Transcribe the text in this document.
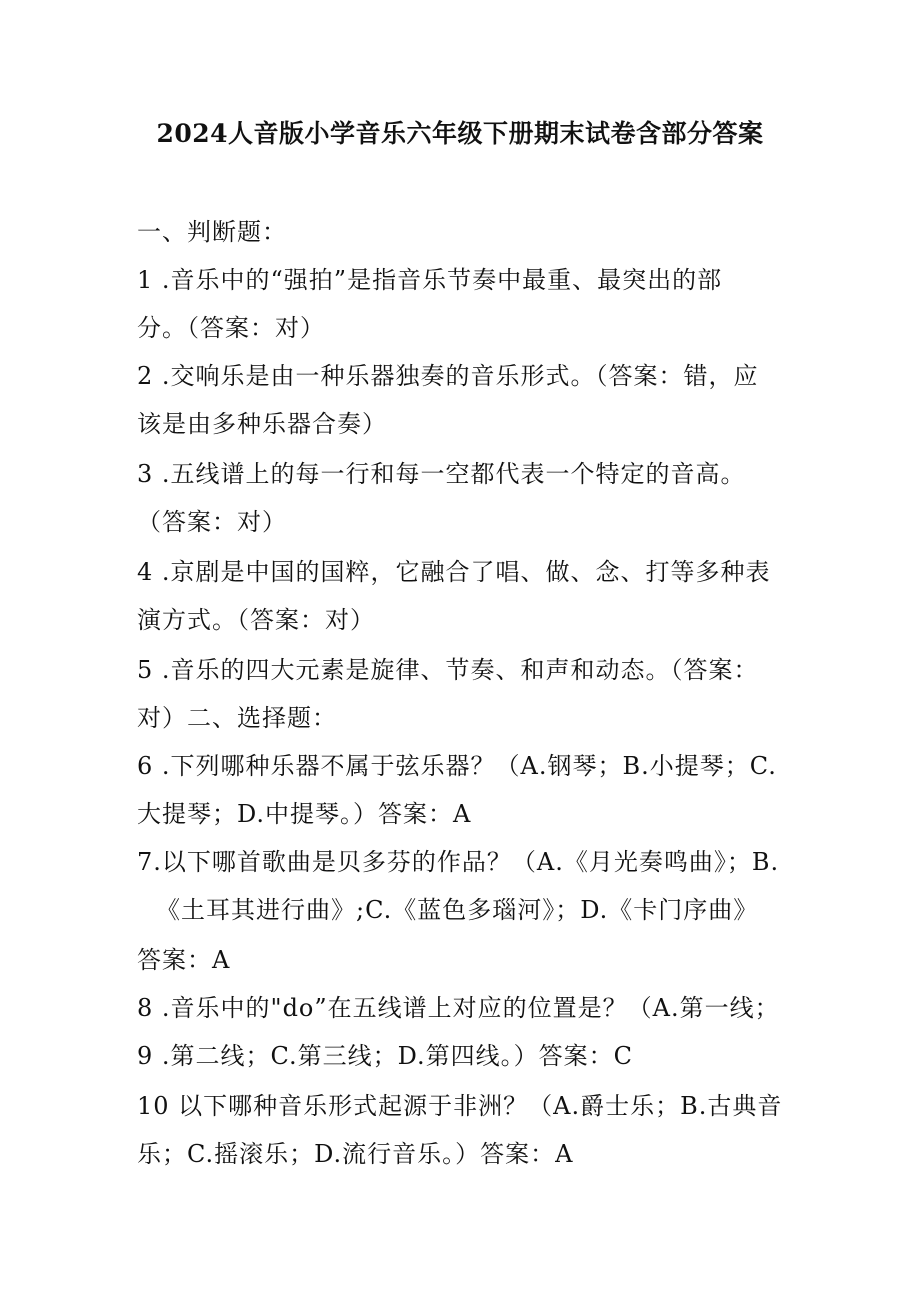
2024人音版小学音乐六年级下册期末试卷含部分答案
一、判断题：
1 .音乐中的“强拍”是指音乐节奏中最重、最突出的部
分。（答案：对）
2 .交响乐是由一种乐器独奏的音乐形式。（答案：错，应
该是由多种乐器合奏）
3 .五线谱上的每一行和每一空都代表一个特定的音高。
（答案：对）
4 .京剧是中国的国粹，它融合了唱、做、念、打等多种表
演方式。（答案：对）
5 .音乐的四大元素是旋律、节奏、和声和动态。（答案：
对）二、选择题：
6 .下列哪种乐器不属于弦乐器？（A.钢琴；B.小提琴；C.
大提琴；D.中提琴。）答案：A
7.以下哪首歌曲是贝多芬的作品？（A.《月光奏鸣曲》；B.
《土耳其进行曲》;C.《蓝色多瑙河》；D.《卡门序曲》
答案：A
8 .音乐中的"do”在五线谱上对应的位置是？（A.第一线；
9 .第二线；C.第三线；D.第四线。）答案：C
10 以下哪种音乐形式起源于非洲？（A.爵士乐；B.古典音
乐；C.摇滚乐；D.流行音乐。）答案：A
